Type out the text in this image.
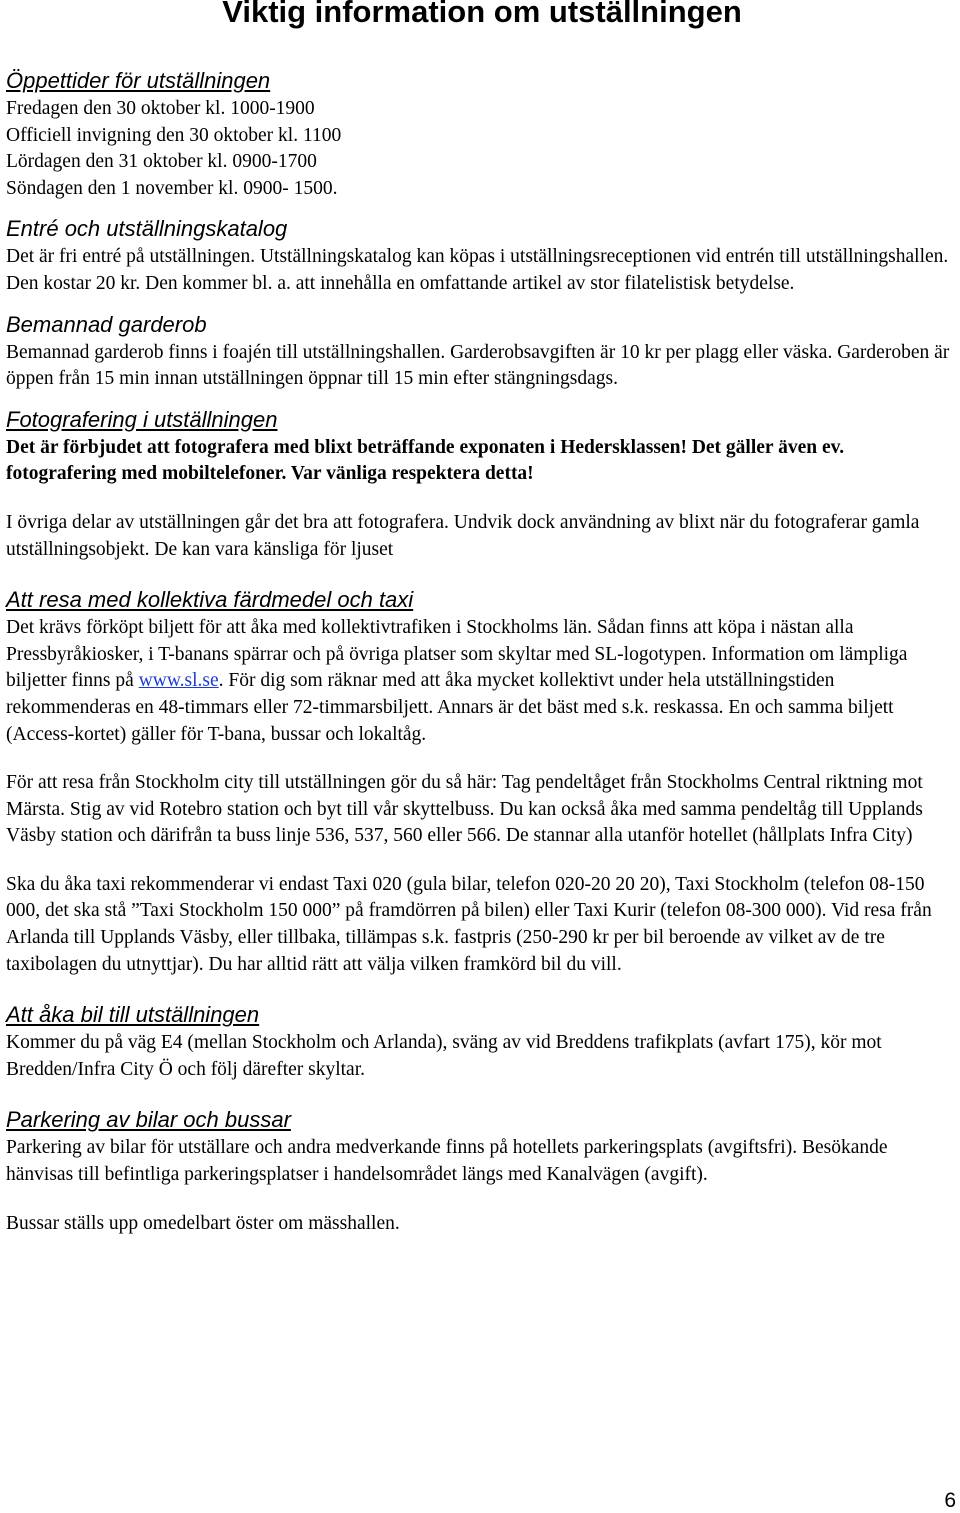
Viktig information om utställningen

Öppettider för utställningen

Fredagen den 30 oktober kl. 1000-1900

Officiell invigning den 30 oktober kl. 1100

Lördagen den 31 oktober kl. 0900-1700

Söndagen den 1 november kl. 0900- 1500.

Entré och utställningskatalog

Det är fri entré på utställningen. Utställningskatalog kan köpas i utställningsreceptionen vid entrén till utställningshallen. Den kostar 20 kr. Den kommer bl. a. att innehålla en omfattande artikel av stor filatelistisk betydelse.

Bemannad garderob

Bemannad garderob finns i foajén till utställningshallen. Garderobsavgiften är 10 kr per plagg eller väska. Garderoben är öppen från 15 min innan utställningen öppnar till 15 min efter stängningsdags.

Fotografering i utställningen

Det är förbjudet att fotografera med blixt beträffande exponaten i Hedersklassen! Det gäller även ev. fotografering med mobiltelefoner. Var vänliga respektera detta!

I övriga delar av utställningen går det bra att fotografera. Undvik dock användning av blixt när du fotograferar gamla utställningsobjekt. De kan vara känsliga för ljuset

Att resa med kollektiva färdmedel och taxi

Det krävs förköpt biljett för att åka med kollektivtrafiken i Stockholms län. Sådan finns att köpa i nästan alla Pressbyråkiosker, i T-banans spärrar och på övriga platser som skyltar med SL-logotypen. Information om lämpliga biljetter finns på www.sl.se. För dig som räknar med att åka mycket kollektivt under hela utställningstiden rekommenderas en 48-timmars eller 72-timmarsbiljett. Annars är det bäst med s.k. reskassa. En och samma biljett (Access-kortet) gäller för T-bana, bussar och lokaltåg.

För att resa från Stockholm city till utställningen gör du så här: Tag pendeltåget från Stockholms Central riktning mot Märsta. Stig av vid Rotebro station och byt till vår skyttelbuss. Du kan också åka med samma pendeltåg till Upplands Väsby station och därifrån ta buss linje 536, 537, 560 eller 566. De stannar alla utanför hotellet (hållplats Infra City)

Ska du åka taxi rekommenderar vi endast Taxi 020 (gula bilar, telefon 020-20 20 20), Taxi Stockholm (telefon 08-150 000, det ska stå ”Taxi Stockholm 150 000” på framdörren på bilen) eller Taxi Kurir (telefon 08-300 000). Vid resa från Arlanda till Upplands Väsby, eller tillbaka, tillämpas s.k. fastpris (250-290 kr per bil beroende av vilket av de tre taxibolagen du utnyttjar). Du har alltid rätt att välja vilken framkörd bil du vill.

Att åka bil till utställningen

Kommer du på väg E4 (mellan Stockholm och Arlanda), sväng av vid Breddens trafikplats (avfart 175), kör mot Bredden/Infra City Ö och följ därefter skyltar.

Parkering av bilar och bussar

Parkering av bilar för utställare och andra medverkande finns på hotellets parkeringsplats (avgiftsfri). Besökande hänvisas till befintliga parkeringsplatser i handelsområdet längs med Kanalvägen (avgift).

Bussar ställs upp omedelbart öster om mässhallen.

6
